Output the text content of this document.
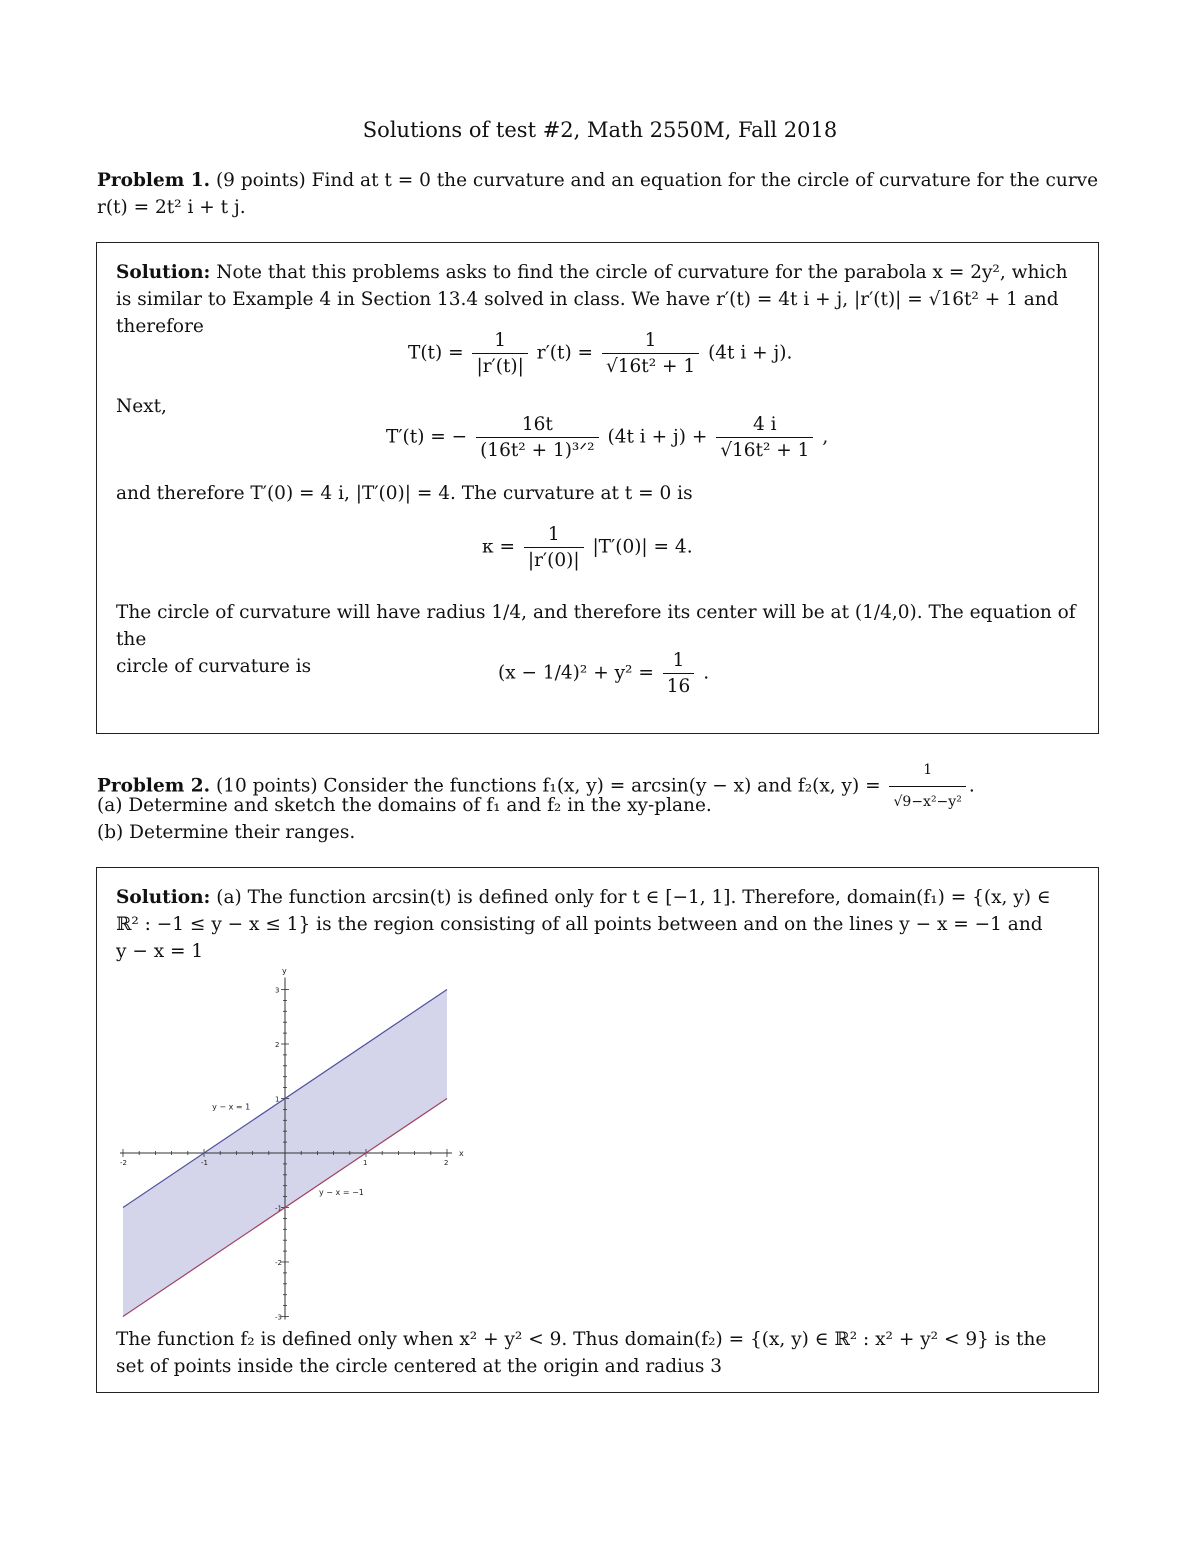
Solutions of test #2, Math 2550M, Fall 2018
Problem 1. (9 points) Find at t = 0 the curvature and an equation for the circle of curvature for the curve
r(t) = 2t² i + t j.
Solution: Note that this problems asks to find the circle of curvature for the parabola x = 2y², which
is similar to Example 4 in Section 13.4 solved in class. We have r′(t) = 4t i + j, |r′(t)| = √16t² + 1 and
therefore
$T(t) = \frac{1}{|r'(t)|} r'(t) = \frac{1}{\text{√16t² + 1}} (4t$ i + j).
Next,
T′(t) = − $\frac{16t}{\text{(16t² + 1)³ᐟ²}} (4t$ $i + j) + \frac{4 i}{\text{√16t² + 1}}$ ,
and therefore T′(0) = 4 i, |T′(0)| = 4. The curvature at t = 0 is
$\kappa = \frac{1}{|r'(0)|} |T'(0)| = 4$.
The circle of curvature will have radius 1/4, and therefore its center will be at (1/4,0). The equation of the
circle of curvature is	$(x - 1/4)^2 + y^2 = \frac{1}{16}$ .
Problem 2. (10 points) Consider the functions f₁(x, y) = arcsin(y − x) and f₂(x, $y) = \frac{1}{\text{√9−x²−y²}}$ .
(a) Determine and sketch the domains of f₁ and f₂ in the xy-plane.
(b) Determine their ranges.
Solution: (a) The function arcsin(t) is defined only for t ∈ [−1, 1]. Therefore, domain(f₁) = {(x, y) ∈
ℝ² : −1 ≤ y − x ≤ 1} is the region consisting of all points between and on the lines y − x = −1 and
y − x = 1
-2	-1	1	2
3
2
1
-1
-2
-3
y − x = 1
y − x = −1
x
y
The function f₂ is defined only when x² + y² < 9. Thus domain(f₂) = {(x, y) ∈ ℝ² : x² + y² < 9} is the
set of points inside the circle centered at the origin and radius 3
